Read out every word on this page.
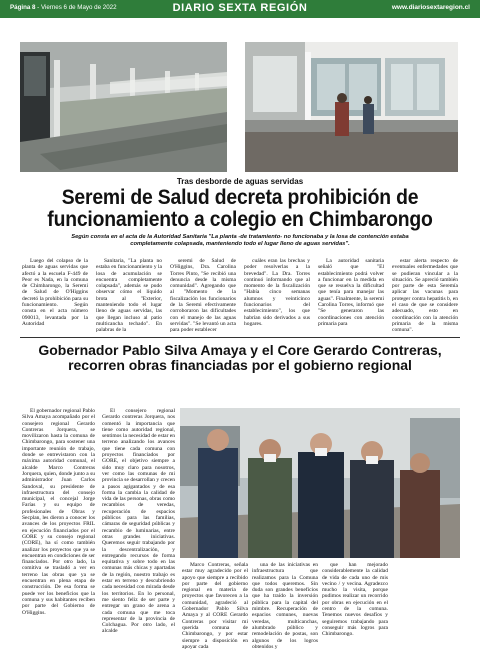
Página 8 - Viernes 6 de Mayo de 2022	DIARIO SEXTA REGIÓN	www.diariosextaregion.cl
Tras desborde de aguas servidas
Seremi de Salud decreta prohibición de funcionamiento a colegio en Chimbarongo
Según consta en el acta de la Autoridad Sanitaria "La planta -de tratamiento- no funcionaba y la losa de contención estaba completamente colapsada, manteniendo todo el lugar lleno de aguas servidas".

Luego del colapso de la planta de aguas servidas que afectó a la escuela F-449 de Peor es Nada, en la comuna de Chimbarongo, la Seremi de Salud de O'Higgins decretó la prohibición para su funcionamiento. Según consta en el acta número 090013, levantada por la Autoridad

Sanitaria, "La planta no estaba en funcionamiento y la losa de acumulación se encuentra completamente colapsada", además se pudo observar cómo el líquido brota al "Exterior, manteniendo todo el lugar lleno de aguas servidas, las que llegan incluso al patio multicancha techado". En palabras de la

seremi de Salud de O'Higgins, Dra. Carolina Torres Pinto, "Se recibió una denuncia desde la misma comunidad". Agregando que al "Momento de la fiscalización los funcionarios de la Seremi efectivamente corroboraron las dificultades con el manejo de las aguas servidas". "Se levantó un acta para poder establecer

cuáles eran las brechas y poder resolverlas a la brevedad". La Dra. Torres continuó informando que al momento de la fiscalización "Había cinco semanas alumnos y veinticinco funcionarios del establecimiento", los que habrían sido derivados a sus hogares.

La autoridad sanitaria señaló que "El establecimiento podrá volver a funcionar en la medida en que se resuelva la dificultad que tenía para manejar las aguas". Finalmente, la seremi Carolina Torres, informó que "Se generaron las coordinaciones con atención primaria para

estar alerta respecto de eventuales enfermedades que se pudieran vincular a la situación. Se apreció también por parte de esta Seremía aplicar las vacunas para proteger contra hepatitis b, en el caso de que se considere adecuado, esto en coordinación con la atención primaria de la misma comuna".

Gobernador Pablo Silva Amaya y el Core Gerardo Contreras, recorren obras financiadas por el gobierno regional

El gobernador regional Pablo Silva Amaya acompañado por el consejero regional Gerardo Contreras Jorquera, se movilizaron hasta la comuna de Chimbarongo, para sostener una importante reunión de trabajo, donde se entrevistaron con la máxima autoridad comunal, el alcalde Marco Contreras Jorquera, quien, donde junto a su administrador Juan Carlos Sandoval, su presidente de infraestructura del consejo municipal, el concejal Jorge Farías y su equipo de profesionales de Obras y Secplan, les dieron a conocer los avances de los proyectos FRIL en ejecución financiados por el GORE y su consejo regional (CORE), ha sí como también analizar los proyectos que ya se encuentran en condiciones de ser financiados. Por otro lado, la comitiva se trasladó a ver en terreno las obras que ya se encuentran en plena etapa de construcción. De esa forma se puede ver los beneficios que la comuna y sus habitantes reciben por parte del Gobierno de O'Higgins.

El consejero regional Gerardo contreras Jorquera, nos comentó la importancia que tiene como autoridad regional, sentimos la necesidad de estar en terreno analizando los avances que tiene cada comuna con proyectos financiados por GORE, el objetivo siempre a sido muy claro para nosotros, ver como las comunas de mi provincia se desarrollan y crecen a pasos agigantados y de esa forma la cambia la calidad de vida de las personas, obras como recambios de veredas, recuperación de espacios públicos para las familias, cámaras de seguridad públicas y recambio de luminarias, entre otras grandes iniciativas. Queremos seguir trabajando por la descentralización, y entregando recursos de forma equitativa y sobre todo en las comunas más chicas y apartadas de la región, nuestro trabajo es estar en terreno y descubriendo cada necesidad con mirada desde los territorios. En lo personal, me siento feliz de ser parte y entregar un grano de arena a cada comuna que me toca representar de la provincia de Colchagua. Por otro lado, el alcalde

Marco Contreras, señala estar muy agradecido por el apoyo que siempre a recibido por parte del gobierno regional en materia de proyectos que favorecen a la comunidad, agradeció al Gobernador Pablo Silva Amaya y al CORE Gerardo Contreras por visitar mi querida comuna de Chimbarongo, y por estar siempre a disposición en apoyar cada

una de las iniciativas en infraestructura que realizamos para la Comuna que todos queremos. Sin duda son grandes beneficios que ha traído la inversión pública para la capital del mimbre. Recuperación de espacios comunes, nuevas veredas, multicanchas, alumbrado público y remodelación de postas, son algunos de los logros obtenidos y

que han mejorado considerablemente la calidad de vida de cada uno de mis vecino / y vecina. Agradezco mucho la visita, porque pudimos realizar un recorrido por obras en ejecución en el centro de la comuna. Tenemos nuevos desafíos y seguiremos trabajando para conseguir más logros para Chimbarongo.
